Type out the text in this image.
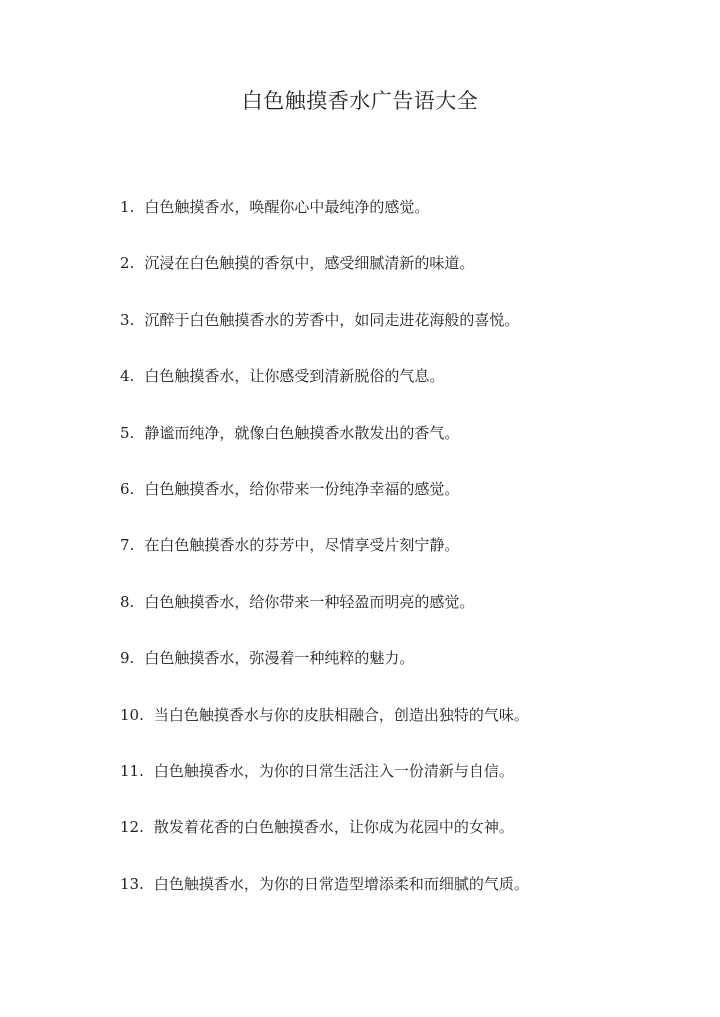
白色触摸香水广告语大全
1. 白色触摸香水，唤醒你心中最纯净的感觉。
2. 沉浸在白色触摸的香氛中，感受细腻清新的味道。
3. 沉醉于白色触摸香水的芳香中，如同走进花海般的喜悦。
4. 白色触摸香水，让你感受到清新脱俗的气息。
5. 静谧而纯净，就像白色触摸香水散发出的香气。
6. 白色触摸香水，给你带来一份纯净幸福的感觉。
7. 在白色触摸香水的芬芳中，尽情享受片刻宁静。
8. 白色触摸香水，给你带来一种轻盈而明亮的感觉。
9. 白色触摸香水，弥漫着一种纯粹的魅力。
10. 当白色触摸香水与你的皮肤相融合，创造出独特的气味。
11. 白色触摸香水，为你的日常生活注入一份清新与自信。
12. 散发着花香的白色触摸香水，让你成为花园中的女神。
13. 白色触摸香水，为你的日常造型增添柔和而细腻的气质。
